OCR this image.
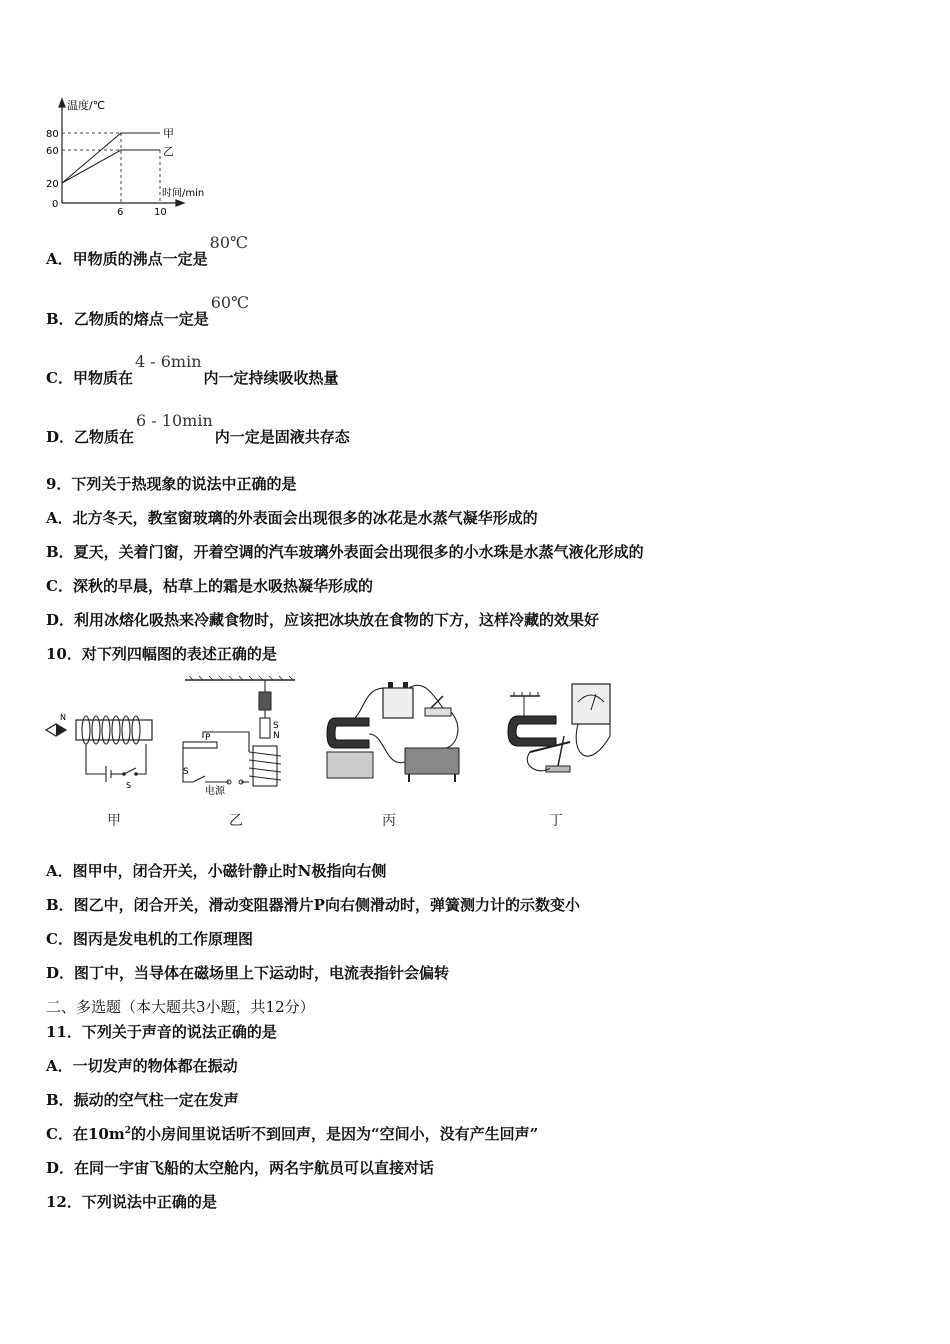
温度/℃
80
60
20
0
6	10
时间/min
甲
乙
A．甲物质的沸点一定是80℃
B．乙物质的熔点一定是60℃
C．甲物质在4 - 6min内一定持续吸收热量
D．乙物质在6 - 10min内一定是固液共存态
9．下列关于热现象的说法中正确的是
A．北方冬天，教室窗玻璃的外表面会出现很多的冰花是水蒸气凝华形成的
B．夏天，关着门窗，开着空调的汽车玻璃外表面会出现很多的小水珠是水蒸气液化形成的
C．深秋的早晨，枯草上的霜是水吸热凝华形成的
D．利用冰熔化吸热来冷藏食物时，应该把冰块放在食物的下方，这样冷藏的效果好
10．对下列四幅图的表述正确的是
N
S
S
N
P
S
电源
甲	乙	丙	丁
A．图甲中，闭合开关，小磁针静止时N极指向右侧
B．图乙中，闭合开关，滑动变阻器滑片P向右侧滑动时，弹簧测力计的示数变小
C．图丙是发电机的工作原理图
D．图丁中，当导体在磁场里上下运动时，电流表指针会偏转
二、多选题（本大题共3小题，共12分）
11．下列关于声音的说法正确的是
A．一切发声的物体都在振动
B．振动的空气柱一定在发声
C．在$10m^2$的小房间里说话听不到回声，是因为“空间小，没有产生回声”
D．在同一宇宙飞船的太空舱内，两名宇航员可以直接对话
12．下列说法中正确的是
